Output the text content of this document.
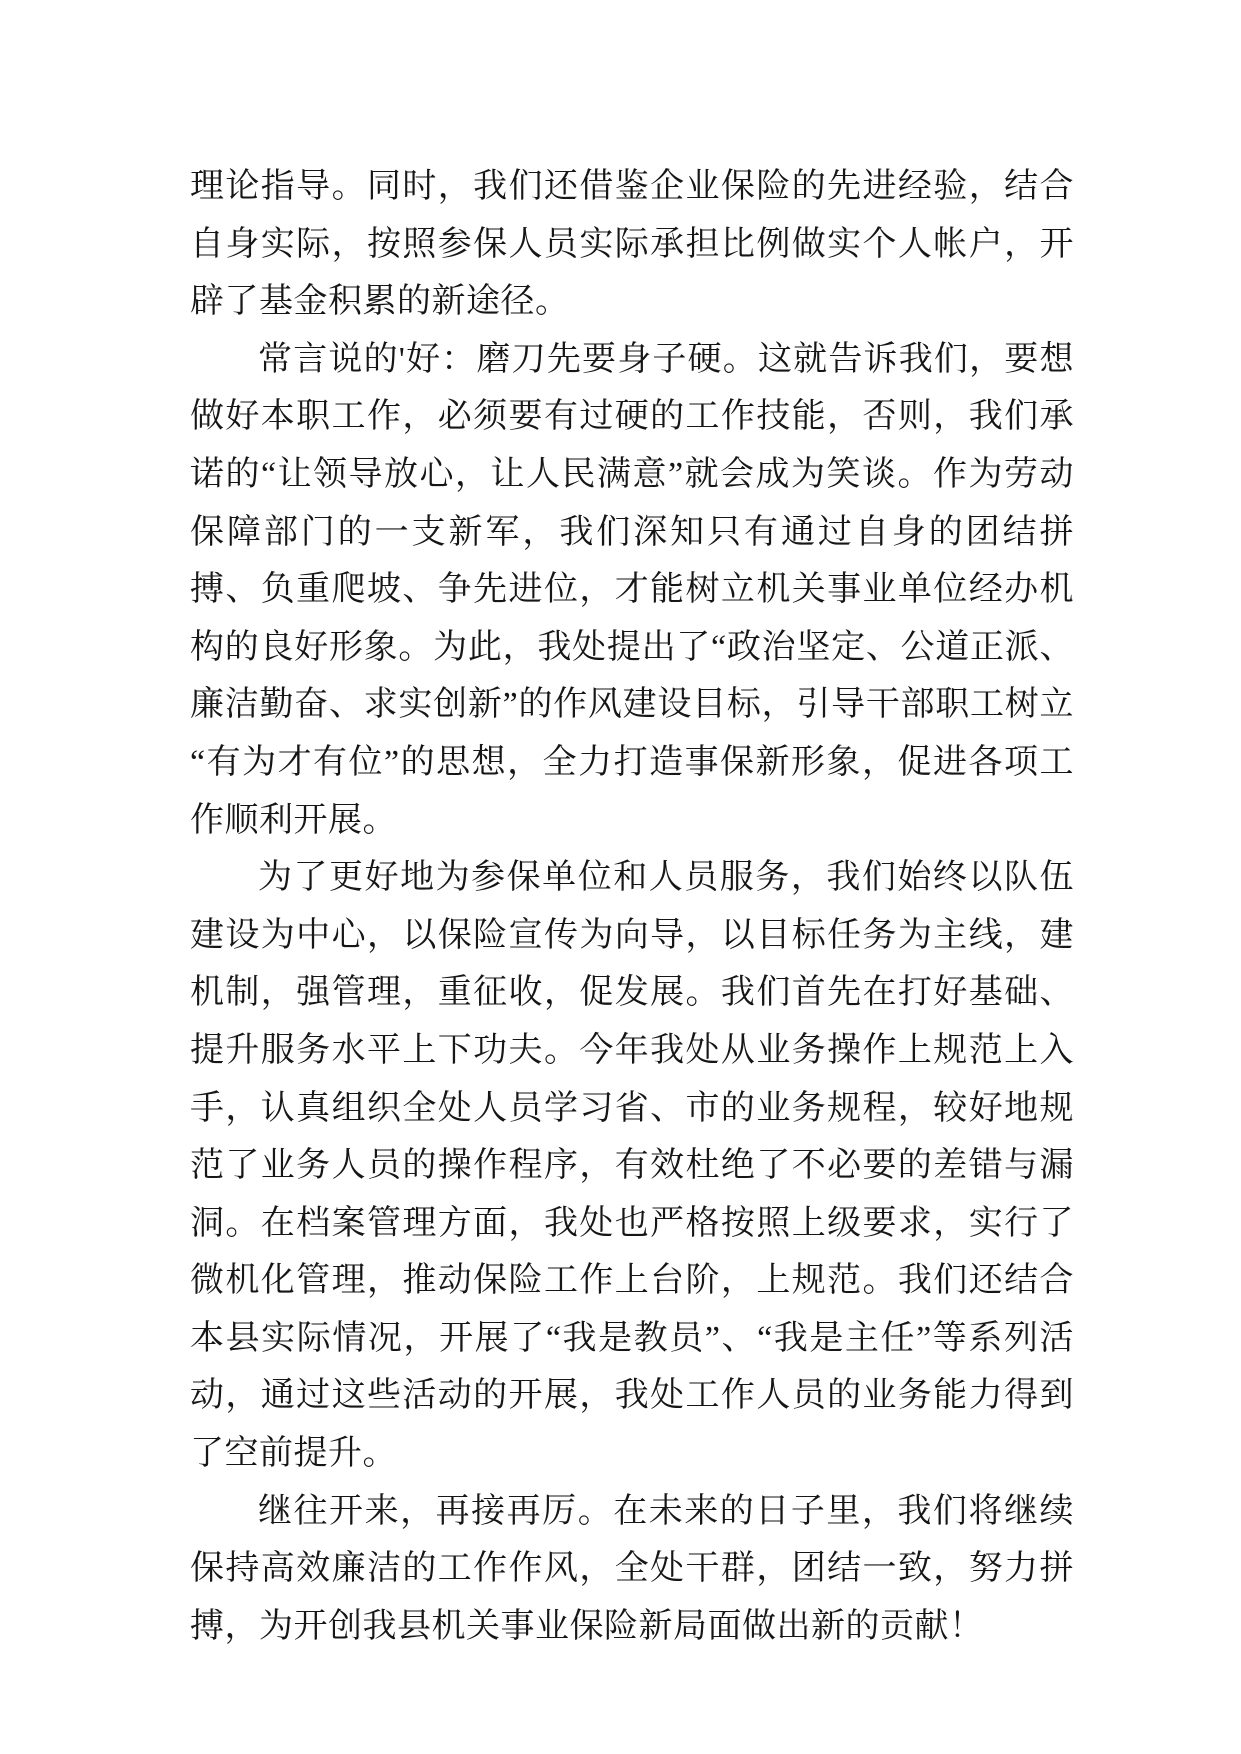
理论指导。同时，我们还借鉴企业保险的先进经验，结合自身实际，按照参保人员实际承担比例做实个人帐户，开辟了基金积累的新途径。

常言说的'好：磨刀先要身子硬。这就告诉我们，要想做好本职工作，必须要有过硬的工作技能，否则，我们承诺的“让领导放心，让人民满意”就会成为笑谈。作为劳动保障部门的一支新军，我们深知只有通过自身的团结拼搏、负重爬坡、争先进位，才能树立机关事业单位经办机构的良好形象。为此，我处提出了“政治坚定、公道正派、廉洁勤奋、求实创新”的作风建设目标，引导干部职工树立“有为才有位”的思想，全力打造事保新形象，促进各项工作顺利开展。

为了更好地为参保单位和人员服务，我们始终以队伍建设为中心，以保险宣传为向导，以目标任务为主线，建机制，强管理，重征收，促发展。我们首先在打好基础、提升服务水平上下功夫。今年我处从业务操作上规范上入手，认真组织全处人员学习省、市的业务规程，较好地规范了业务人员的操作程序，有效杜绝了不必要的差错与漏洞。在档案管理方面，我处也严格按照上级要求，实行了微机化管理，推动保险工作上台阶，上规范。我们还结合本县实际情况，开展了“我是教员”、“我是主任”等系列活动，通过这些活动的开展，我处工作人员的业务能力得到了空前提升。

继往开来，再接再厉。在未来的日子里，我们将继续保持高效廉洁的工作作风，全处干群，团结一致，努力拼搏，为开创我县机关事业保险新局面做出新的贡献！
